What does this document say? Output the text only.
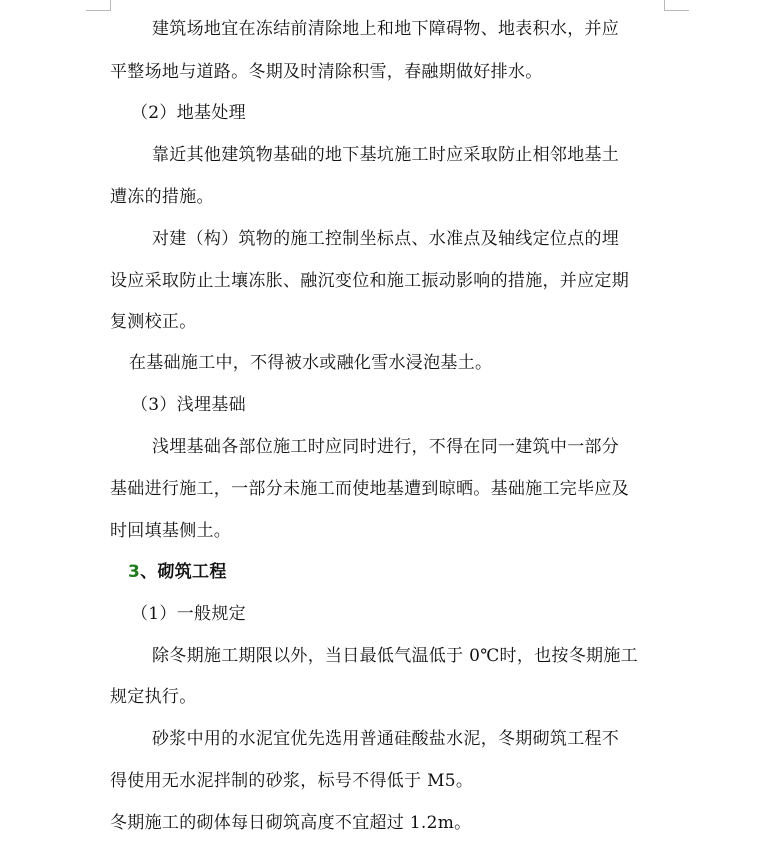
建筑场地宜在冻结前清除地上和地下障碍物、地表积水，并应
平整场地与道路。冬期及时清除积雪，春融期做好排水。
（2）地基处理
靠近其他建筑物基础的地下基坑施工时应采取防止相邻地基土
遭冻的措施。
对建（构）筑物的施工控制坐标点、水准点及轴线定位点的埋
设应采取防止土壤冻胀、融沉变位和施工振动影响的措施，并应定期
复测校正。
在基础施工中，不得被水或融化雪水浸泡基土。
（3）浅埋基础
浅埋基础各部位施工时应同时进行，不得在同一建筑中一部分
基础进行施工，一部分未施工而使地基遭到晾晒。基础施工完毕应及
时回填基侧土。
3、砌筑工程
（1）一般规定
除冬期施工期限以外，当日最低气温低于 0℃时，也按冬期施工
规定执行。
砂浆中用的水泥宜优先选用普通硅酸盐水泥，冬期砌筑工程不
得使用无水泥拌制的砂浆，标号不得低于 M5。
冬期施工的砌体每日砌筑高度不宜超过 1.2m。
